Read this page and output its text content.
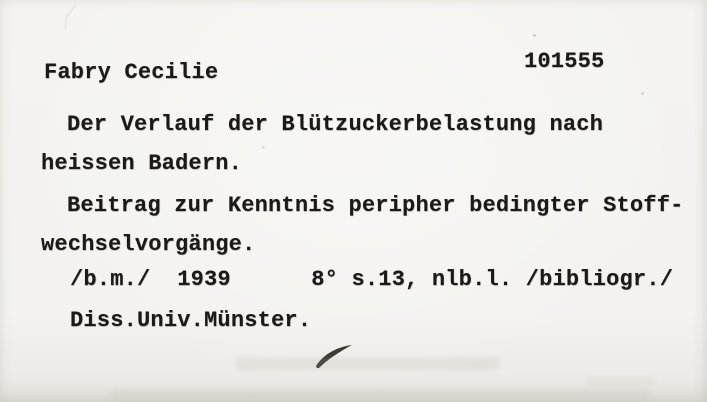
Fabry Cecilie	101555
Der Verlauf der Blützuckerbelastung nach
heissen Badern.
Beitrag zur Kenntnis peripher bedingter Stoff-
wechselvorgänge.
/b.m./  1939      8° s.13, nlb.l. /bibliogr./
Diss.Univ.Münster.
